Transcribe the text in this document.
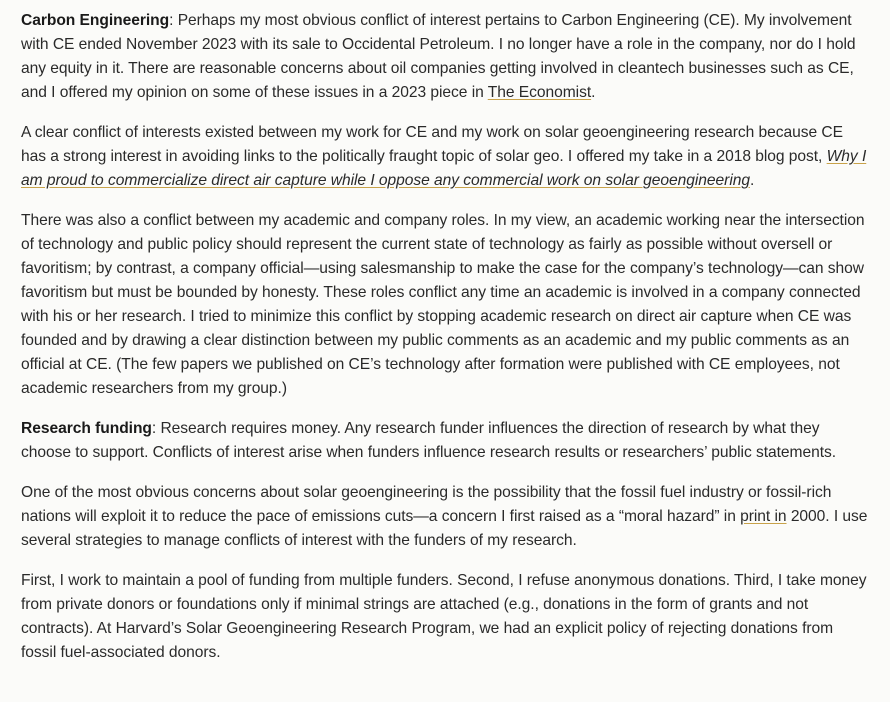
Carbon Engineering: Perhaps my most obvious conflict of interest pertains to Carbon Engineering (CE). My involvement with CE ended November 2023 with its sale to Occidental Petroleum. I no longer have a role in the company, nor do I hold any equity in it. There are reasonable concerns about oil companies getting involved in cleantech businesses such as CE, and I offered my opinion on some of these issues in a 2023 piece in The Economist.

A clear conflict of interests existed between my work for CE and my work on solar geoengineering research because CE has a strong interest in avoiding links to the politically fraught topic of solar geo. I offered my take in a 2018 blog post, Why I am proud to commercialize direct air capture while I oppose any commercial work on solar geoengineering.

There was also a conflict between my academic and company roles. In my view, an academic working near the intersection of technology and public policy should represent the current state of technology as fairly as possible without oversell or favoritism; by contrast, a company official—using salesmanship to make the case for the company’s technology—can show favoritism but must be bounded by honesty. These roles conflict any time an academic is involved in a company connected with his or her research. I tried to minimize this conflict by stopping academic research on direct air capture when CE was founded and by drawing a clear distinction between my public comments as an academic and my public comments as an official at CE. (The few papers we published on CE’s technology after formation were published with CE employees, not academic researchers from my group.)

Research funding: Research requires money. Any research funder influences the direction of research by what they choose to support. Conflicts of interest arise when funders influence research results or researchers’ public statements.

One of the most obvious concerns about solar geoengineering is the possibility that the fossil fuel industry or fossil-rich nations will exploit it to reduce the pace of emissions cuts—a concern I first raised as a “moral hazard” in print in 2000. I use several strategies to manage conflicts of interest with the funders of my research.

First, I work to maintain a pool of funding from multiple funders. Second, I refuse anonymous donations. Third, I take money from private donors or foundations only if minimal strings are attached (e.g., donations in the form of grants and not contracts). At Harvard’s Solar Geoengineering Research Program, we had an explicit policy of rejecting donations from fossil fuel-associated donors.
